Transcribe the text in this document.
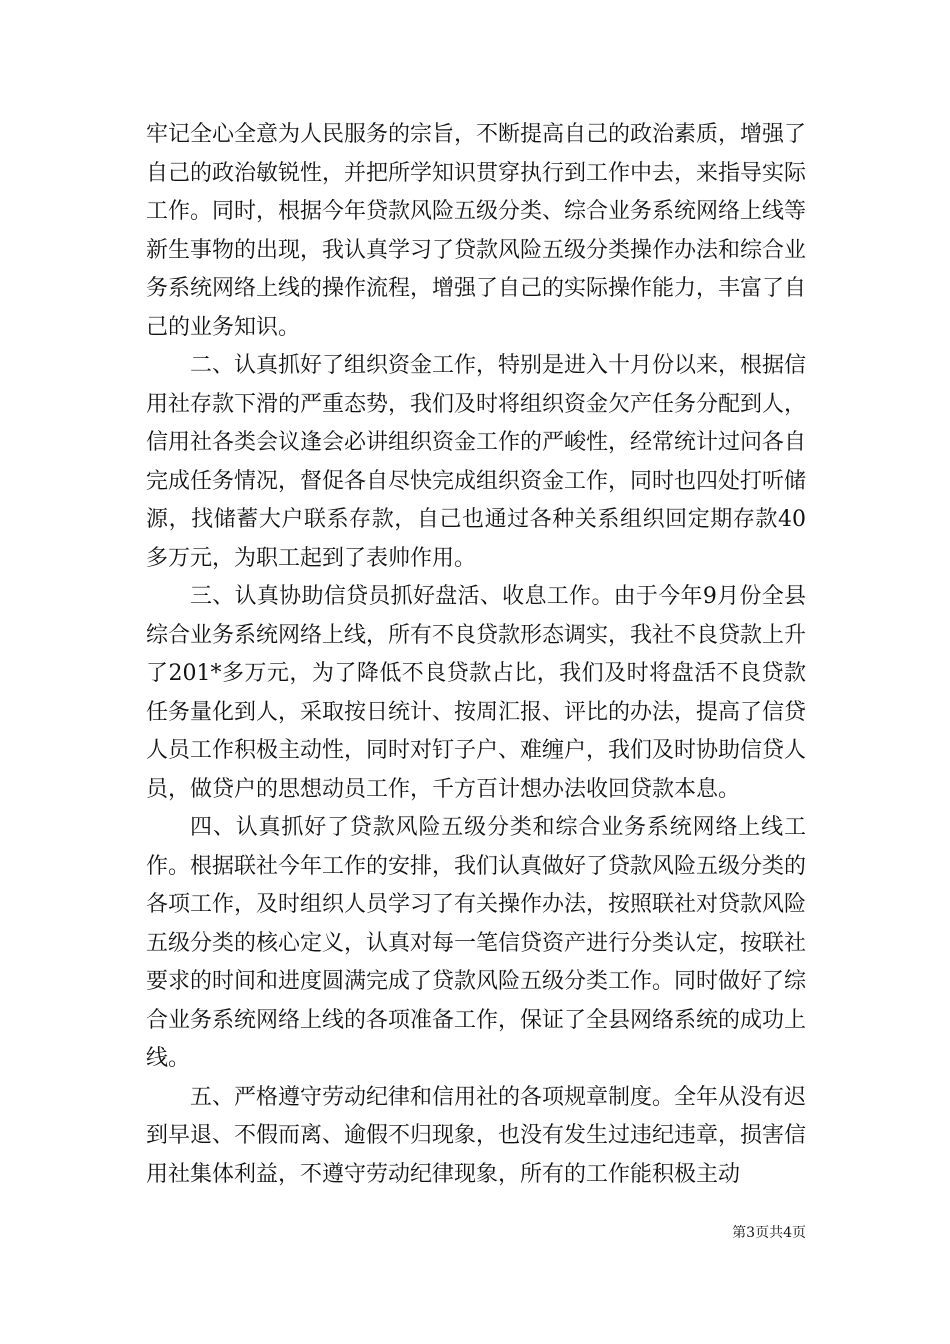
牢记全心全意为人民服务的宗旨，不断提高自己的政治素质，增强了自己的政治敏锐性，并把所学知识贯穿执行到工作中去，来指导实际工作。同时，根据今年贷款风险五级分类、综合业务系统网络上线等新生事物的出现，我认真学习了贷款风险五级分类操作办法和综合业务系统网络上线的操作流程，增强了自己的实际操作能力，丰富了自己的业务知识。

二、认真抓好了组织资金工作，特别是进入十月份以来，根据信用社存款下滑的严重态势，我们及时将组织资金欠产任务分配到人，信用社各类会议逢会必讲组织资金工作的严峻性，经常统计过问各自完成任务情况，督促各自尽快完成组织资金工作，同时也四处打听储源，找储蓄大户联系存款，自己也通过各种关系组织回定期存款40多万元，为职工起到了表帅作用。

三、认真协助信贷员抓好盘活、收息工作。由于今年9月份全县综合业务系统网络上线，所有不良贷款形态调实，我社不良贷款上升了201*多万元，为了降低不良贷款占比，我们及时将盘活不良贷款任务量化到人，采取按日统计、按周汇报、评比的办法，提高了信贷人员工作积极主动性，同时对钉子户、难缠户，我们及时协助信贷人员，做贷户的思想动员工作，千方百计想办法收回贷款本息。

四、认真抓好了贷款风险五级分类和综合业务系统网络上线工作。根据联社今年工作的安排，我们认真做好了贷款风险五级分类的各项工作，及时组织人员学习了有关操作办法，按照联社对贷款风险五级分类的核心定义，认真对每一笔信贷资产进行分类认定，按联社要求的时间和进度圆满完成了贷款风险五级分类工作。同时做好了综合业务系统网络上线的各项准备工作，保证了全县网络系统的成功上线。

五、严格遵守劳动纪律和信用社的各项规章制度。全年从没有迟到早退、不假而离、逾假不归现象，也没有发生过违纪违章，损害信用社集体利益，不遵守劳动纪律现象，所有的工作能积极主动

第3页共4页
